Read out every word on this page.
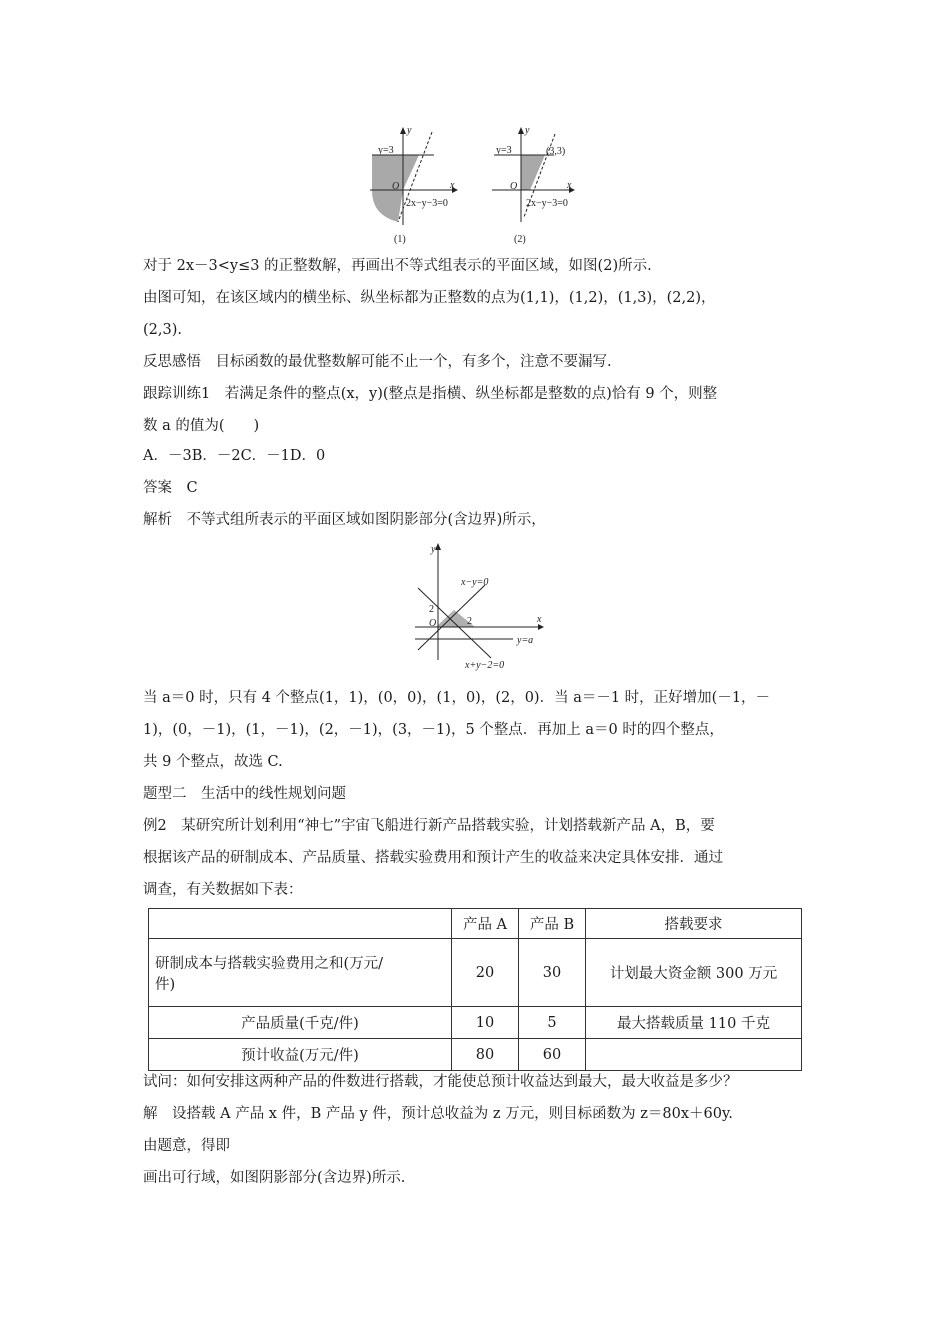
y
x
O
y=3
2x−y−3=0
(1)
y
x
O
y=3	(3,3)
2x−y−3=0
(2)
对于 2x－3<y≤3 的正整数解，再画出不等式组表示的平面区域，如图(2)所示.
由图可知，在该区域内的横坐标、纵坐标都为正整数的点为(1,1)，(1,2)，(1,3)，(2,2)，
(2,3).
反思感悟　目标函数的最优整数解可能不止一个，有多个，注意不要漏写.
跟踪训练1　若满足条件的整点(x，y)(整点是指横、纵坐标都是整数的点)恰有 9 个，则整
数 a 的值为(　　)
A．－3B．－2C．－1D．0
答案　C
解析　不等式组所表示的平面区域如图阴影部分(含边界)所示，
y
x
O
x−y=0
2
2
y=a
x+y−2=0
当 a＝0 时，只有 4 个整点(1，1)，(0，0)，(1，0)，(2，0)．当 a＝－1 时，正好增加(－1，－
1)，(0，－1)，(1，－1)，(2，－1)，(3，－1)，5 个整点．再加上 a＝0 时的四个整点，
共 9 个整点，故选 C.
题型二　生活中的线性规划问题
例2　某研究所计划利用“神七”宇宙飞船进行新产品搭载实验，计划搭载新产品 A，B，要
根据该产品的研制成本、产品质量、搭载实验费用和预计产生的收益来决定具体安排．通过
调查，有关数据如下表：
	产品 A	产品 B	搭载要求

研制成本与搭载实验费用之和(万元/
件)	20	30	计划最大资金额 300 万元
产品质量(千克/件)	10	5	最大搭载质量 110 千克
预计收益(万元/件)	80	60	
试问：如何安排这两种产品的件数进行搭载，才能使总预计收益达到最大，最大收益是多少？
解　设搭载 A 产品 x 件，B 产品 y 件，预计总收益为 z 万元，则目标函数为 z＝80x＋60y.
由题意，得即
画出可行域，如图阴影部分(含边界)所示.
